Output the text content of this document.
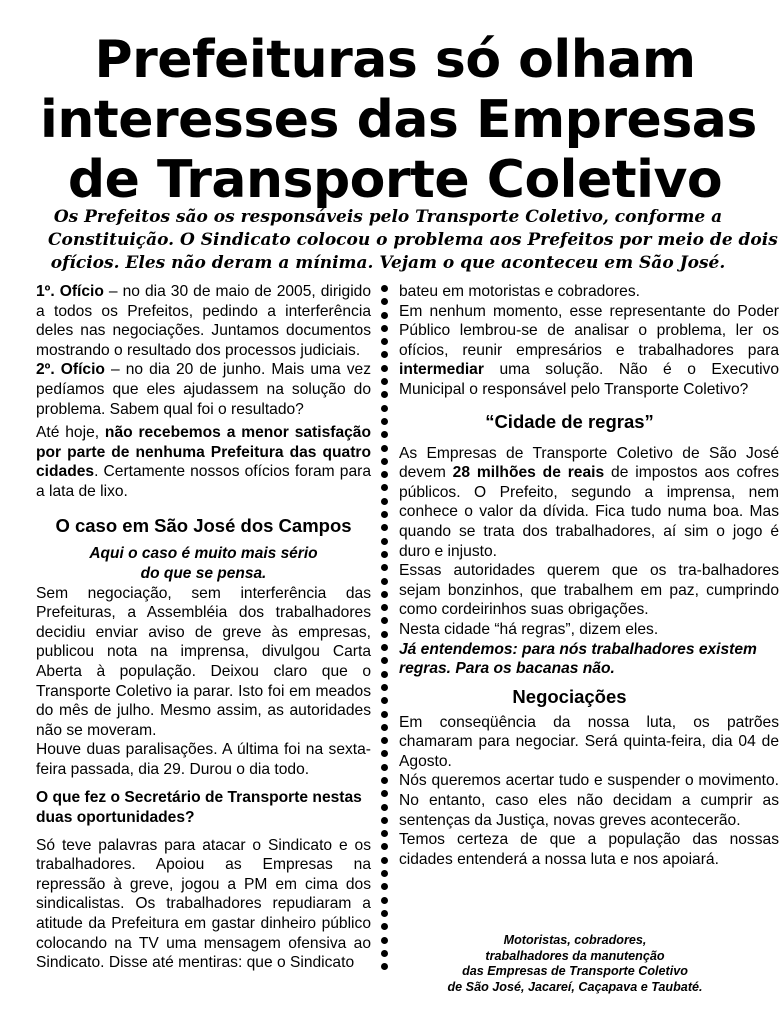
Prefeituras só olham
interesses das Empresas
de Transporte Coletivo
Os Prefeitos são os responsáveis pelo Transporte Coletivo, conforme a
Constituição. O Sindicato colocou o problema aos Prefeitos por meio de dois
ofícios. Eles não deram a mínima. Vejam o que aconteceu em São José.

1º. Ofício – no dia 30 de maio de 2005, dirigido a todos os Prefeitos, pedindo a interferência deles nas negociações. Juntamos documentos mostrando o resultado dos processos judiciais.

2º. Ofício – no dia 20 de junho. Mais uma vez pedíamos que eles ajudassem na solução do problema. Sabem qual foi o resultado?

Até hoje, não recebemos a menor satisfação por parte de nenhuma Prefeitura das quatro cidades. Certamente nossos ofícios foram para a lata de lixo.

O caso em São José dos Campos
Aqui o caso é muito mais sério
do que se pensa.

Sem negociação, sem interferência das Prefeituras, a Assembléia dos trabalhadores decidiu enviar aviso de greve às empresas, publicou nota na imprensa, divulgou Carta Aberta à população. Deixou claro que o Transporte Coletivo ia parar. Isto foi em meados do mês de julho. Mesmo assim, as autoridades não se moveram.

Houve duas paralisações. A última foi na sexta-feira passada, dia 29. Durou o dia todo.

O que fez o Secretário de Transporte nestas duas oportunidades?

Só teve palavras para atacar o Sindicato e os trabalhadores. Apoiou as Empresas na repressão à greve, jogou a PM em cima dos sindicalistas. Os trabalhadores repudiaram a atitude da Prefeitura em gastar dinheiro público colocando na TV uma mensagem ofensiva ao Sindicato. Disse até mentiras: que o Sindicato

bateu em motoristas e cobradores.

Em nenhum momento, esse representante do Poder Público lembrou-se de analisar o problema, ler os ofícios, reunir empresários e trabalhadores para intermediar uma solução. Não é o Executivo Municipal o responsável pelo Transporte Coletivo?

“Cidade de regras”

As Empresas de Transporte Coletivo de São José devem 28 milhões de reais de impostos aos cofres públicos. O Prefeito, segundo a imprensa, nem conhece o valor da dívida. Fica tudo numa boa. Mas quando se trata dos trabalhadores, aí sim o jogo é duro e injusto.

Essas autoridades querem que os tra-balhadores sejam bonzinhos, que trabalhem em paz, cumprindo como cordeirinhos suas obrigações.

Nesta cidade “há regras”, dizem eles.

Já entendemos: para nós trabalhadores existem regras. Para os bacanas não.

Negociações

Em conseqüência da nossa luta, os patrões chamaram para negociar. Será quinta-feira, dia 04 de Agosto.

Nós queremos acertar tudo e suspender o movimento. No entanto, caso eles não decidam a cumprir as sentenças da Justiça, novas greves acontecerão.

Temos certeza de que a população das nossas cidades entenderá a nossa luta e nos apoiará.

Motoristas, cobradores,
trabalhadores da manutenção
das Empresas de Transporte Coletivo
de São José, Jacareí, Caçapava e Taubaté.
